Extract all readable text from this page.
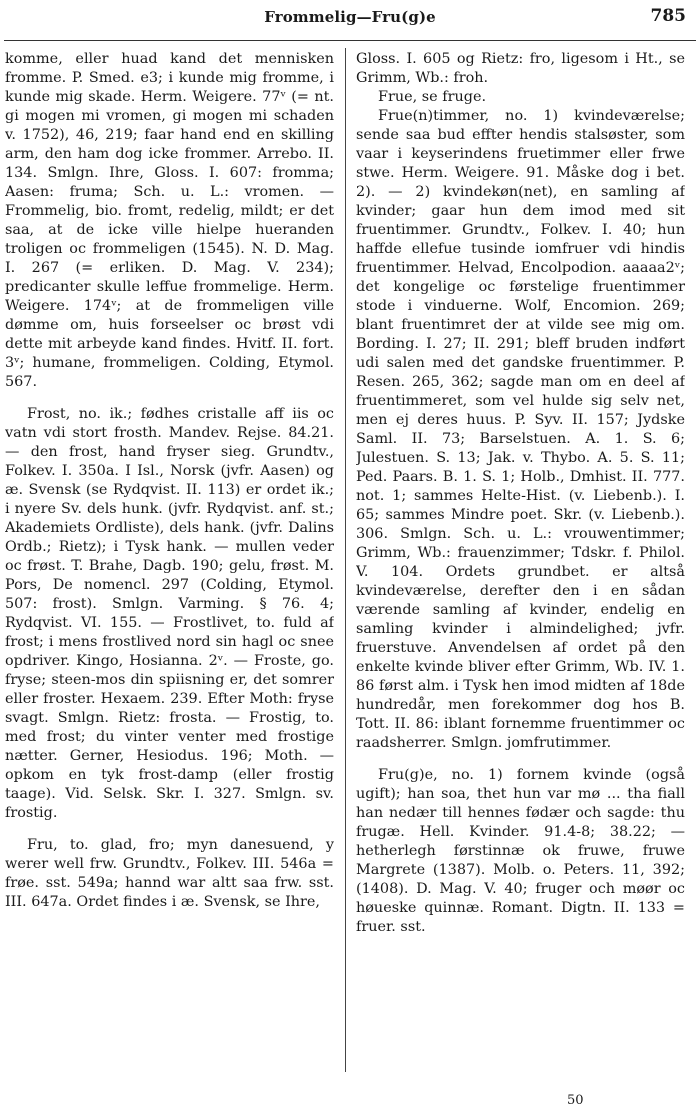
Frommelig—Fru(g)e	785

komme, eller huad kand det mennisken fromme. P. Smed. e3; i kunde mig fromme, i kunde mig skade. Herm. Weigere. 77ᵛ (= nt. gi mogen mi vromen, gi mogen mi schaden v. 1752), 46, 219; faar hand end en skilling arm, den ham dog icke frommer. Arrebo. II. 134. Smlgn. Ihre, Gloss. I. 607: fromma; Aasen: fruma; Sch. u. L.: vromen. — Frommelig, bio. fromt, redelig, mildt; er det saa, at de icke ville hielpe hueranden troligen oc frommeligen (1545). N. D. Mag. I. 267 (= erliken. D. Mag. V. 234); predicanter skulle leffue frommelige. Herm. Weigere. 174ᵛ; at de frommeligen ville dømme om, huis forseelser oc brøst vdi dette mit arbeyde kand findes. Hvitf. II. fort. 3ᵛ; humane, frommeligen. Colding, Etymol. 567.

Frost, no. ik.; fødhes cristalle aff iis oc vatn vdi stort frosth. Mandev. Rejse. 84.21. — den frost, hand fryser sieg. Grundtv., Folkev. I. 350a. I Isl., Norsk (jvfr. Aasen) og æ. Svensk (se Rydqvist. II. 113) er ordet ik.; i nyere Sv. dels hunk. (jvfr. Rydqvist. anf. st.; Akademiets Ordliste), dels hank. (jvfr. Dalins Ordb.; Rietz); i Tysk hank. — mullen veder oc frøst. T. Brahe, Dagb. 190; gelu, frøst. M. Pors, De nomencl. 297 (Colding, Etymol. 507: frost). Smlgn. Varming. § 76. 4; Rydqvist. VI. 155. — Frostlivet, to. fuld af frost; i mens frostlived nord sin hagl oc snee opdriver. Kingo, Hosianna. 2ᵛ. — Froste, go. fryse; steen-mos din spiisning er, det somrer eller froster. Hexaem. 239. Efter Moth: fryse svagt. Smlgn. Rietz: frosta. — Frostig, to. med frost; du vinter venter med frostige nætter. Gerner, Hesiodus. 196; Moth. — opkom en tyk frost-damp (eller frostig taage). Vid. Selsk. Skr. I. 327. Smlgn. sv. frostig.

Fru, to. glad, fro; myn danesuend, y werer well frw. Grundtv., Folkev. III. 546a = frøe. sst. 549a; hannd war altt saa frw. sst. III. 647a. Ordet findes i æ. Svensk, se Ihre,

Gloss. I. 605 og Rietz: fro, ligesom i Ht., se Grimm, Wb.: froh.

Frue, se fruge.

Frue(n)timmer, no. 1) kvindeværelse; sende saa bud effter hendis stalsøster, som vaar i keyserindens fruetimmer eller frwe stwe. Herm. Weigere. 91. Måske dog i bet. 2). — 2) kvindekøn(net), en samling af kvinder; gaar hun dem imod med sit fruentimmer. Grundtv., Folkev. I. 40; hun haffde ellefue tusinde iomfruer vdi hindis fruentimmer. Helvad, Encolpodion. aaaaa2ᵛ; det kongelige oc førstelige fruentimmer stode i vinduerne. Wolf, Encomion. 269; blant fruentimret der at vilde see mig om. Bording. I. 27; II. 291; bleff bruden indført udi salen med det gandske fruentimmer. P. Resen. 265, 362; sagde man om en deel af fruentimmeret, som vel hulde sig selv net, men ej deres huus. P. Syv. II. 157; Jydske Saml. II. 73; Barselstuen. A. 1. S. 6; Julestuen. S. 13; Jak. v. Thybo. A. 5. S. 11; Ped. Paars. B. 1. S. 1; Holb., Dmhist. II. 777. not. 1; sammes Helte-Hist. (v. Liebenb.). I. 65; sammes Mindre poet. Skr. (v. Liebenb.). 306. Smlgn. Sch. u. L.: vrouwentimmer; Grimm, Wb.: frauenzimmer; Tdskr. f. Philol. V. 104. Ordets grundbet. er altså kvindeværelse, derefter den i en sådan værende samling af kvinder, endelig en samling kvinder i almindelighed; jvfr. fruerstuve. Anvendelsen af ordet på den enkelte kvinde bliver efter Grimm, Wb. IV. 1. 86 først alm. i Tysk hen imod midten af 18de hundredår, men forekommer dog hos B. Tott. II. 86: iblant fornemme fruentimmer oc raadsherrer. Smlgn. jomfrutimmer.

Fru(g)e, no. 1) fornem kvinde (også ugift); han soa, thet hun var mø ... tha fiall han nedær till hennes fødær och sagde: thu frugæ. Hell. Kvinder. 91.4-8; 38.22; — hetherlegh førstinnæ ok fruwe, fruwe Margrete (1387). Molb. o. Peters. 11, 392; (1408). D. Mag. V. 40; fruger och møør oc høueske quinnæ. Romant. Digtn. II. 133 = fruer. sst.

50
